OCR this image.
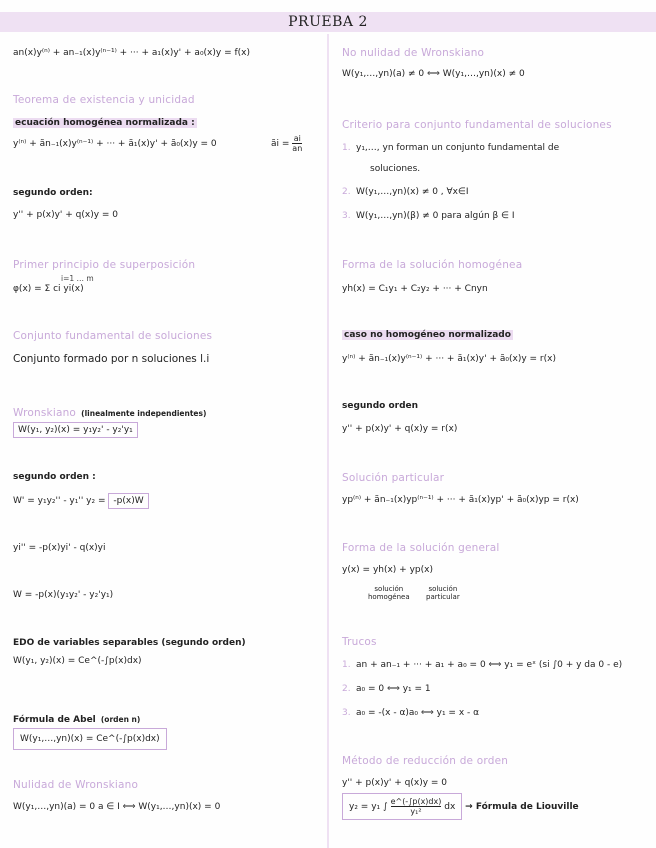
PRUEBA 2
an(x)y⁽ⁿ⁾ + an₋₁(x)y⁽ⁿ⁻¹⁾ + ··· + a₁(x)y' + a₀(x)y = f(x)
Teorema de existencia y unicidad
ecuación homogénea normalizada :
y⁽ⁿ⁾ + ãn₋₁(x)y⁽ⁿ⁻¹⁾ + ··· + ã₁(x)y' + ã₀(x)y = 0	ãi = $\frac{ai}{an}$
segundo orden:
y'' + p(x)y' + q(x)y = 0
Primer principio de superposición
φ(x) = Σ ci yi(x)
i=1 … m
Conjunto fundamental de soluciones
Conjunto formado por n soluciones l.i
Wronskiano (linealmente independientes)
W(y₁, y₂)(x) = y₁y₂' - y₂'y₁
segundo orden :
W' = y₁y₂'' - y₁'' y₂ = -p(x)W
yi'' = -p(x)yi' - q(x)yi
W = -p(x)(y₁y₂' - y₂'y₁)
EDO de variables separables (segundo orden)
W(y₁, y₂)(x) = Ce^(-∫p(x)dx)
Fórmula de Abel (orden n)
W(y₁,…,yn)(x) = Ce^(-∫p(x)dx)
Nulidad de Wronskiano
W(y₁,…,yn)(a) = 0 a ∈ I ⟺ W(y₁,…,yn)(x) = 0
No nulidad de Wronskiano
W(y₁,…,yn)(a) ≠ 0 ⟺ W(y₁,…,yn)(x) ≠ 0
Criterio para conjunto fundamental de soluciones
1. y₁,…, yn forman un conjunto fundamental de
soluciones.
2. W(y₁,…,yn)(x) ≠ 0 , ∀x∈I
3. W(y₁,…,yn)(β) ≠ 0 para algún β ∈ I
Forma de la solución homogénea
yh(x) = C₁y₁ + C₂y₂ + ··· + Cnyn
caso no homogéneo normalizado
y⁽ⁿ⁾ + ãn₋₁(x)y⁽ⁿ⁻¹⁾ + ··· + ã₁(x)y' + ã₀(x)y = r(x)
segundo orden
y'' + p(x)y' + q(x)y = r(x)
Solución particular
yp⁽ⁿ⁾ + ãn₋₁(x)yp⁽ⁿ⁻¹⁾ + ··· + ã₁(x)yp' + ã₀(x)yp = r(x)
Forma de la solución general
y(x) = yh(x) + yp(x)
solución
homogénea
solución
particular
Trucos
1. an + an₋₁ + ··· + a₁ + a₀ = 0 ⟺ y₁ = eˣ (si ∫0 + y da 0 - e)
2. a₀ = 0 ⟺ y₁ = 1
3. a₀ = -(x - α)a₀ ⟺ y₁ = x - α
Método de reducción de orden
y'' + p(x)y' + q(x)y = 0
y₂ = y₁ ∫ $\frac{e\^{}(-\int p(x)dx)}{\text{y₁²}}$ dx → Fórmula de Liouville
